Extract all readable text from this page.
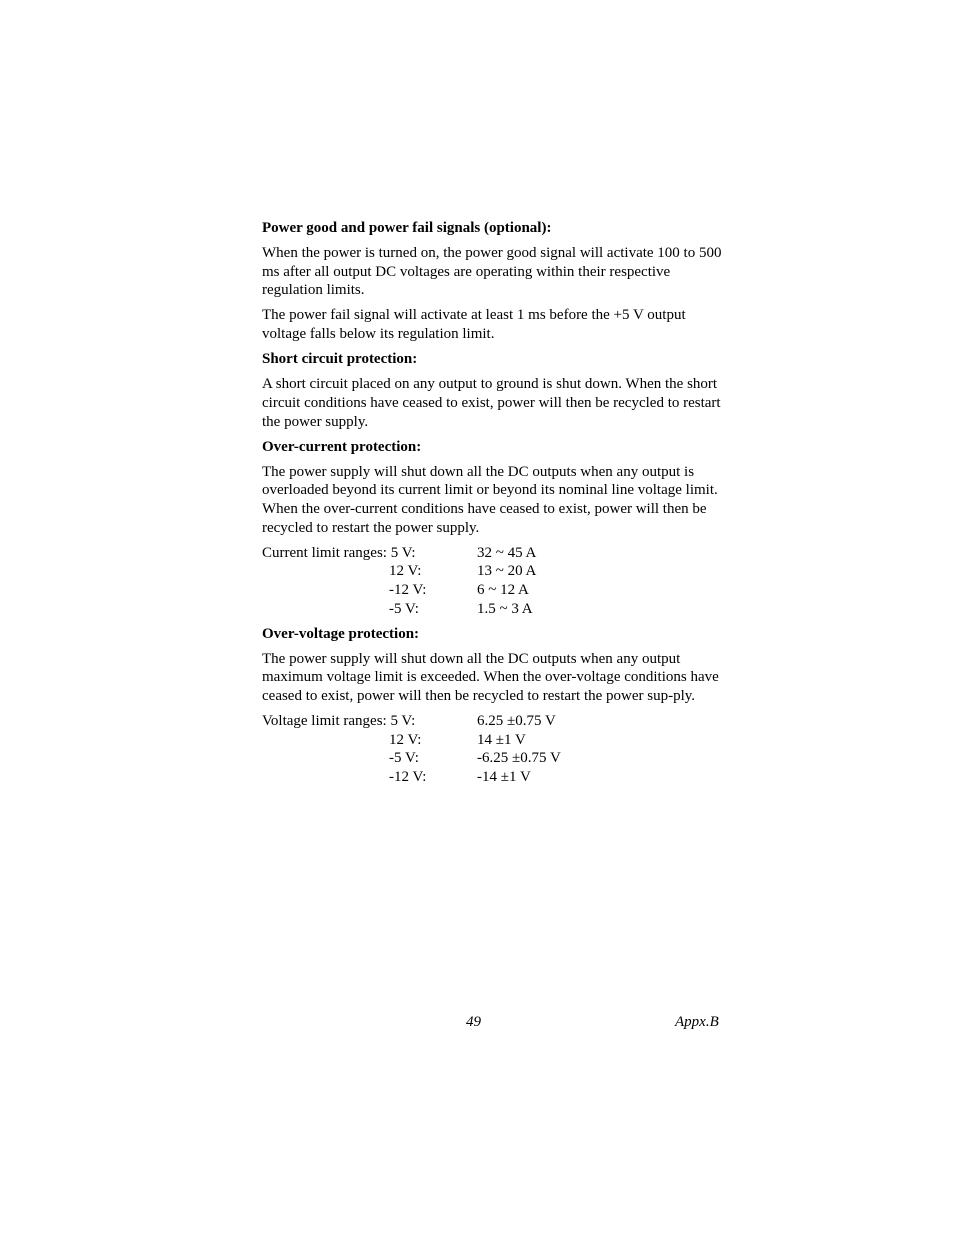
Power good and power fail signals (optional):
When the power is turned on, the power good signal will activate 100 to 500 ms after all output DC voltages are operating within their respective regulation limits.
The power fail signal will activate at least 1 ms before the +5 V output voltage falls below its regulation limit.
Short circuit protection:
A short circuit placed on any output to ground is shut down. When the short circuit conditions have ceased to exist, power will then be recycled to restart the power supply.
Over-current protection:
The power supply will shut down all the DC outputs when any output is overloaded beyond its current limit or beyond its nominal line voltage limit. When the over-current conditions have ceased to exist, power will then be recycled to restart the power supply.
Current limit ranges: 5 V:	32 ~ 45 A
12 V:	13 ~ 20 A
-12 V:	6 ~ 12 A
-5 V:	1.5 ~ 3 A
Over-voltage protection:
The power supply will shut down all the DC outputs when any output maximum voltage limit is exceeded. When the over-voltage conditions have ceased to exist, power will then be recycled to restart the power sup-ply.
Voltage limit ranges: 5 V:	6.25 ±0.75 V
12 V:	14 ±1 V
-5 V:	-6.25 ±0.75 V
-12 V:	-14 ±1 V
49	Appx.B
